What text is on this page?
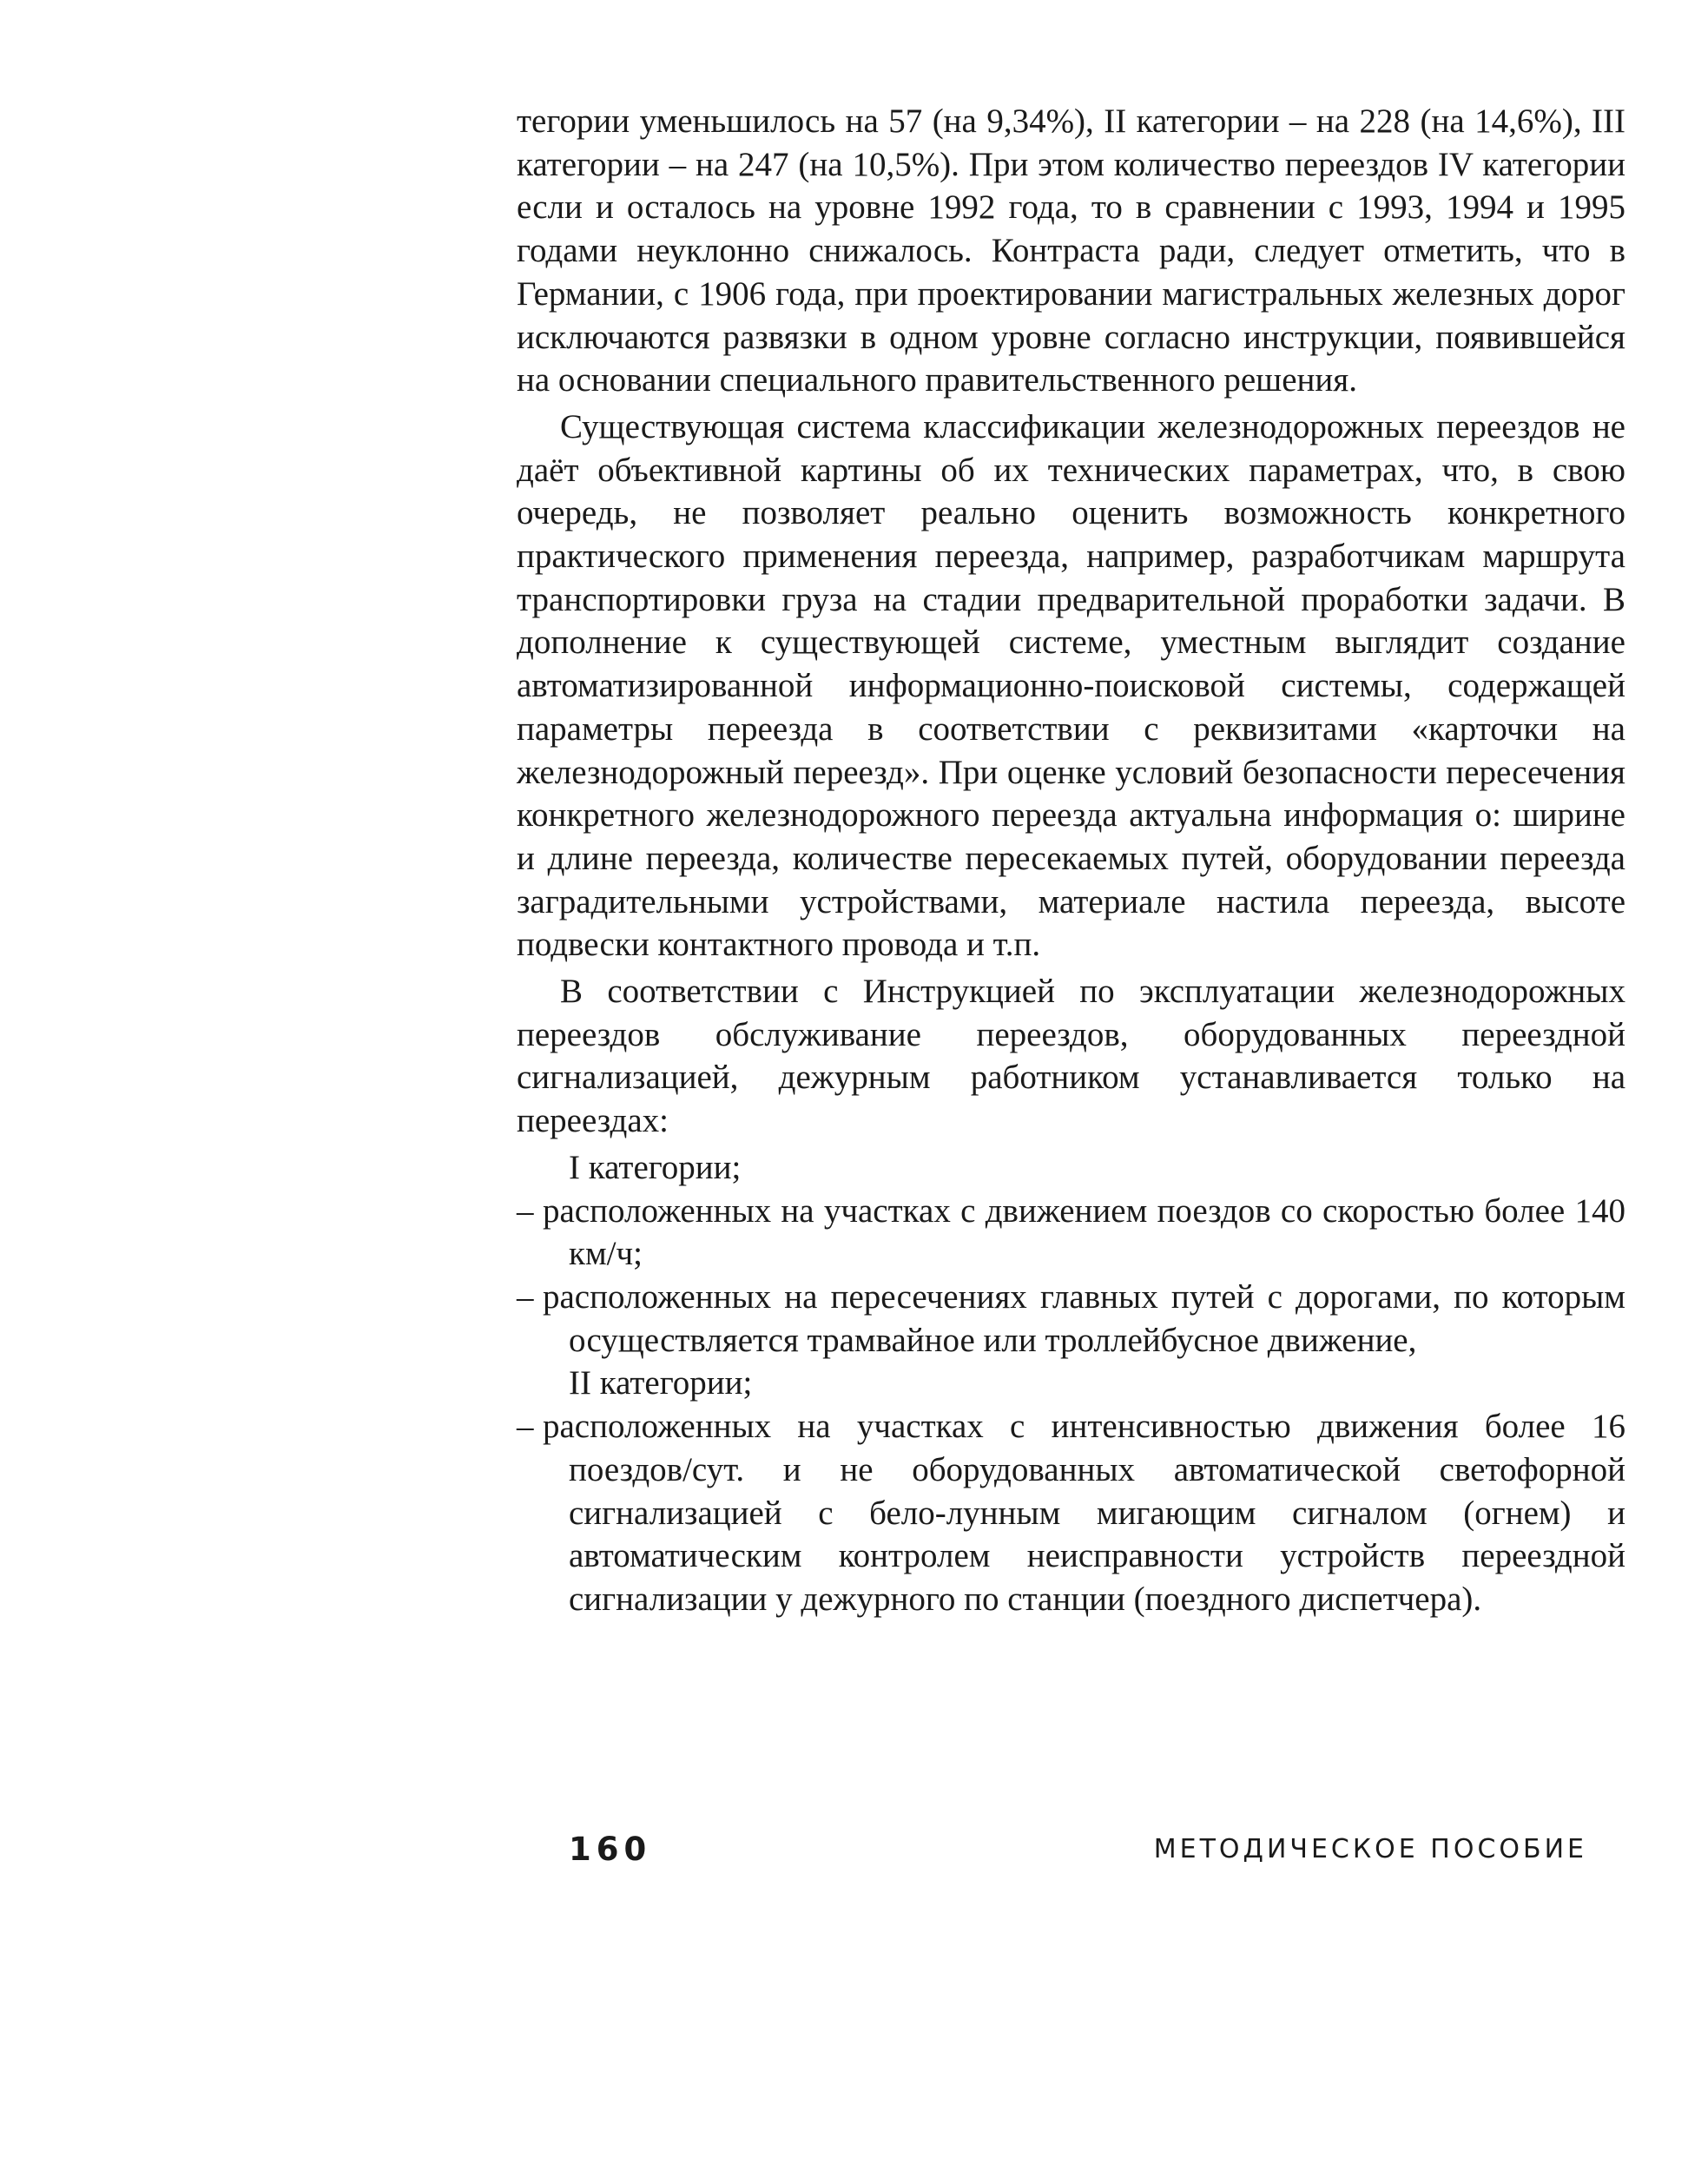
тегории уменьшилось на 57 (на 9,34%), II категории – на 228 (на 14,6%), III категории – на 247 (на 10,5%). При этом количество переездов IV категории если и осталось на уровне 1992 года, то в сравнении с 1993, 1994 и 1995 годами неуклонно снижалось. Контраста ради, следует отметить, что в Германии, с 1906 года, при проектировании магистральных железных дорог исключаются развязки в одном уровне согласно инструкции, появившейся на основании специального правительственного решения.

Существующая система классификации железнодорожных переездов не даёт объективной картины об их технических параметрах, что, в свою очередь, не позволяет реально оценить возможность конкретного практического применения переезда, например, разработчикам маршрута транспортировки груза на стадии предварительной проработки задачи. В дополнение к существующей системе, уместным выглядит создание автоматизированной информационно-поисковой системы, содержащей параметры переезда в соответствии с реквизитами «карточки на железнодорожный переезд». При оценке условий безопасности пересечения конкретного железнодорожного переезда актуальна информация о: ширине и длине переезда, количестве пересекаемых путей, оборудовании переезда заградительными устройствами, материале настила переезда, высоте подвески контактного провода и т.п.

В соответствии с Инструкцией по эксплуатации железнодорожных переездов обслуживание переездов, оборудованных переездной сигнализацией, дежурным работником устанавливается только на переездах:

I категории;

– расположенных на участках с движением поездов со скоростью более 140 км/ч;

– расположенных на пересечениях главных путей с дорогами, по которым осуществляется трамвайное или троллейбусное движение,

II категории;

– расположенных на участках с интенсивностью движения более 16 поездов/сут. и не оборудованных автоматической светофорной сигнализацией с бело-лунным мигающим сигналом (огнем) и автоматическим контролем неисправности устройств переездной сигнализации у дежурного по станции (поездного диспетчера).

160	МЕТОДИЧЕСКОЕ ПОСОБИЕ
